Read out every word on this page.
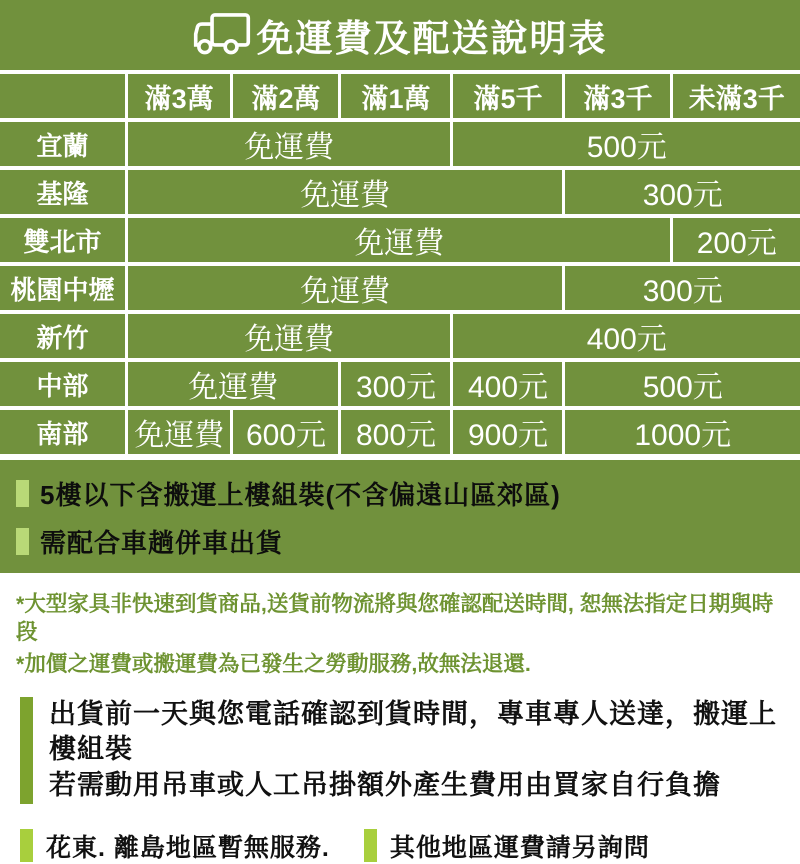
免運費及配送說明表
	滿3萬	滿2萬	滿1萬	滿5千	滿3千	未滿3千
宜蘭	免運費			500元		
基隆	免運費				300元	
雙北市	免運費					200元
桃園中壢	免運費				300元	
新竹	免運費			400元		
中部	免運費		300元	400元	500元	
南部	免運費	600元	800元	900元	1000元	
5樓以下含搬運上樓組裝(不含偏遠山區郊區)
需配合車趟併車出貨
*大型家具非快速到貨商品,送貨前物流將與您確認配送時間, 恕無法指定日期與時段
*加價之運費或搬運費為已發生之勞動服務,故無法退還.
出貨前一天與您電話確認到貨時間，專車專人送達，搬運上樓組裝
若需動用吊車或人工吊掛額外產生費用由買家自行負擔
花東. 離島地區暫無服務. 其他地區運費請另詢問
